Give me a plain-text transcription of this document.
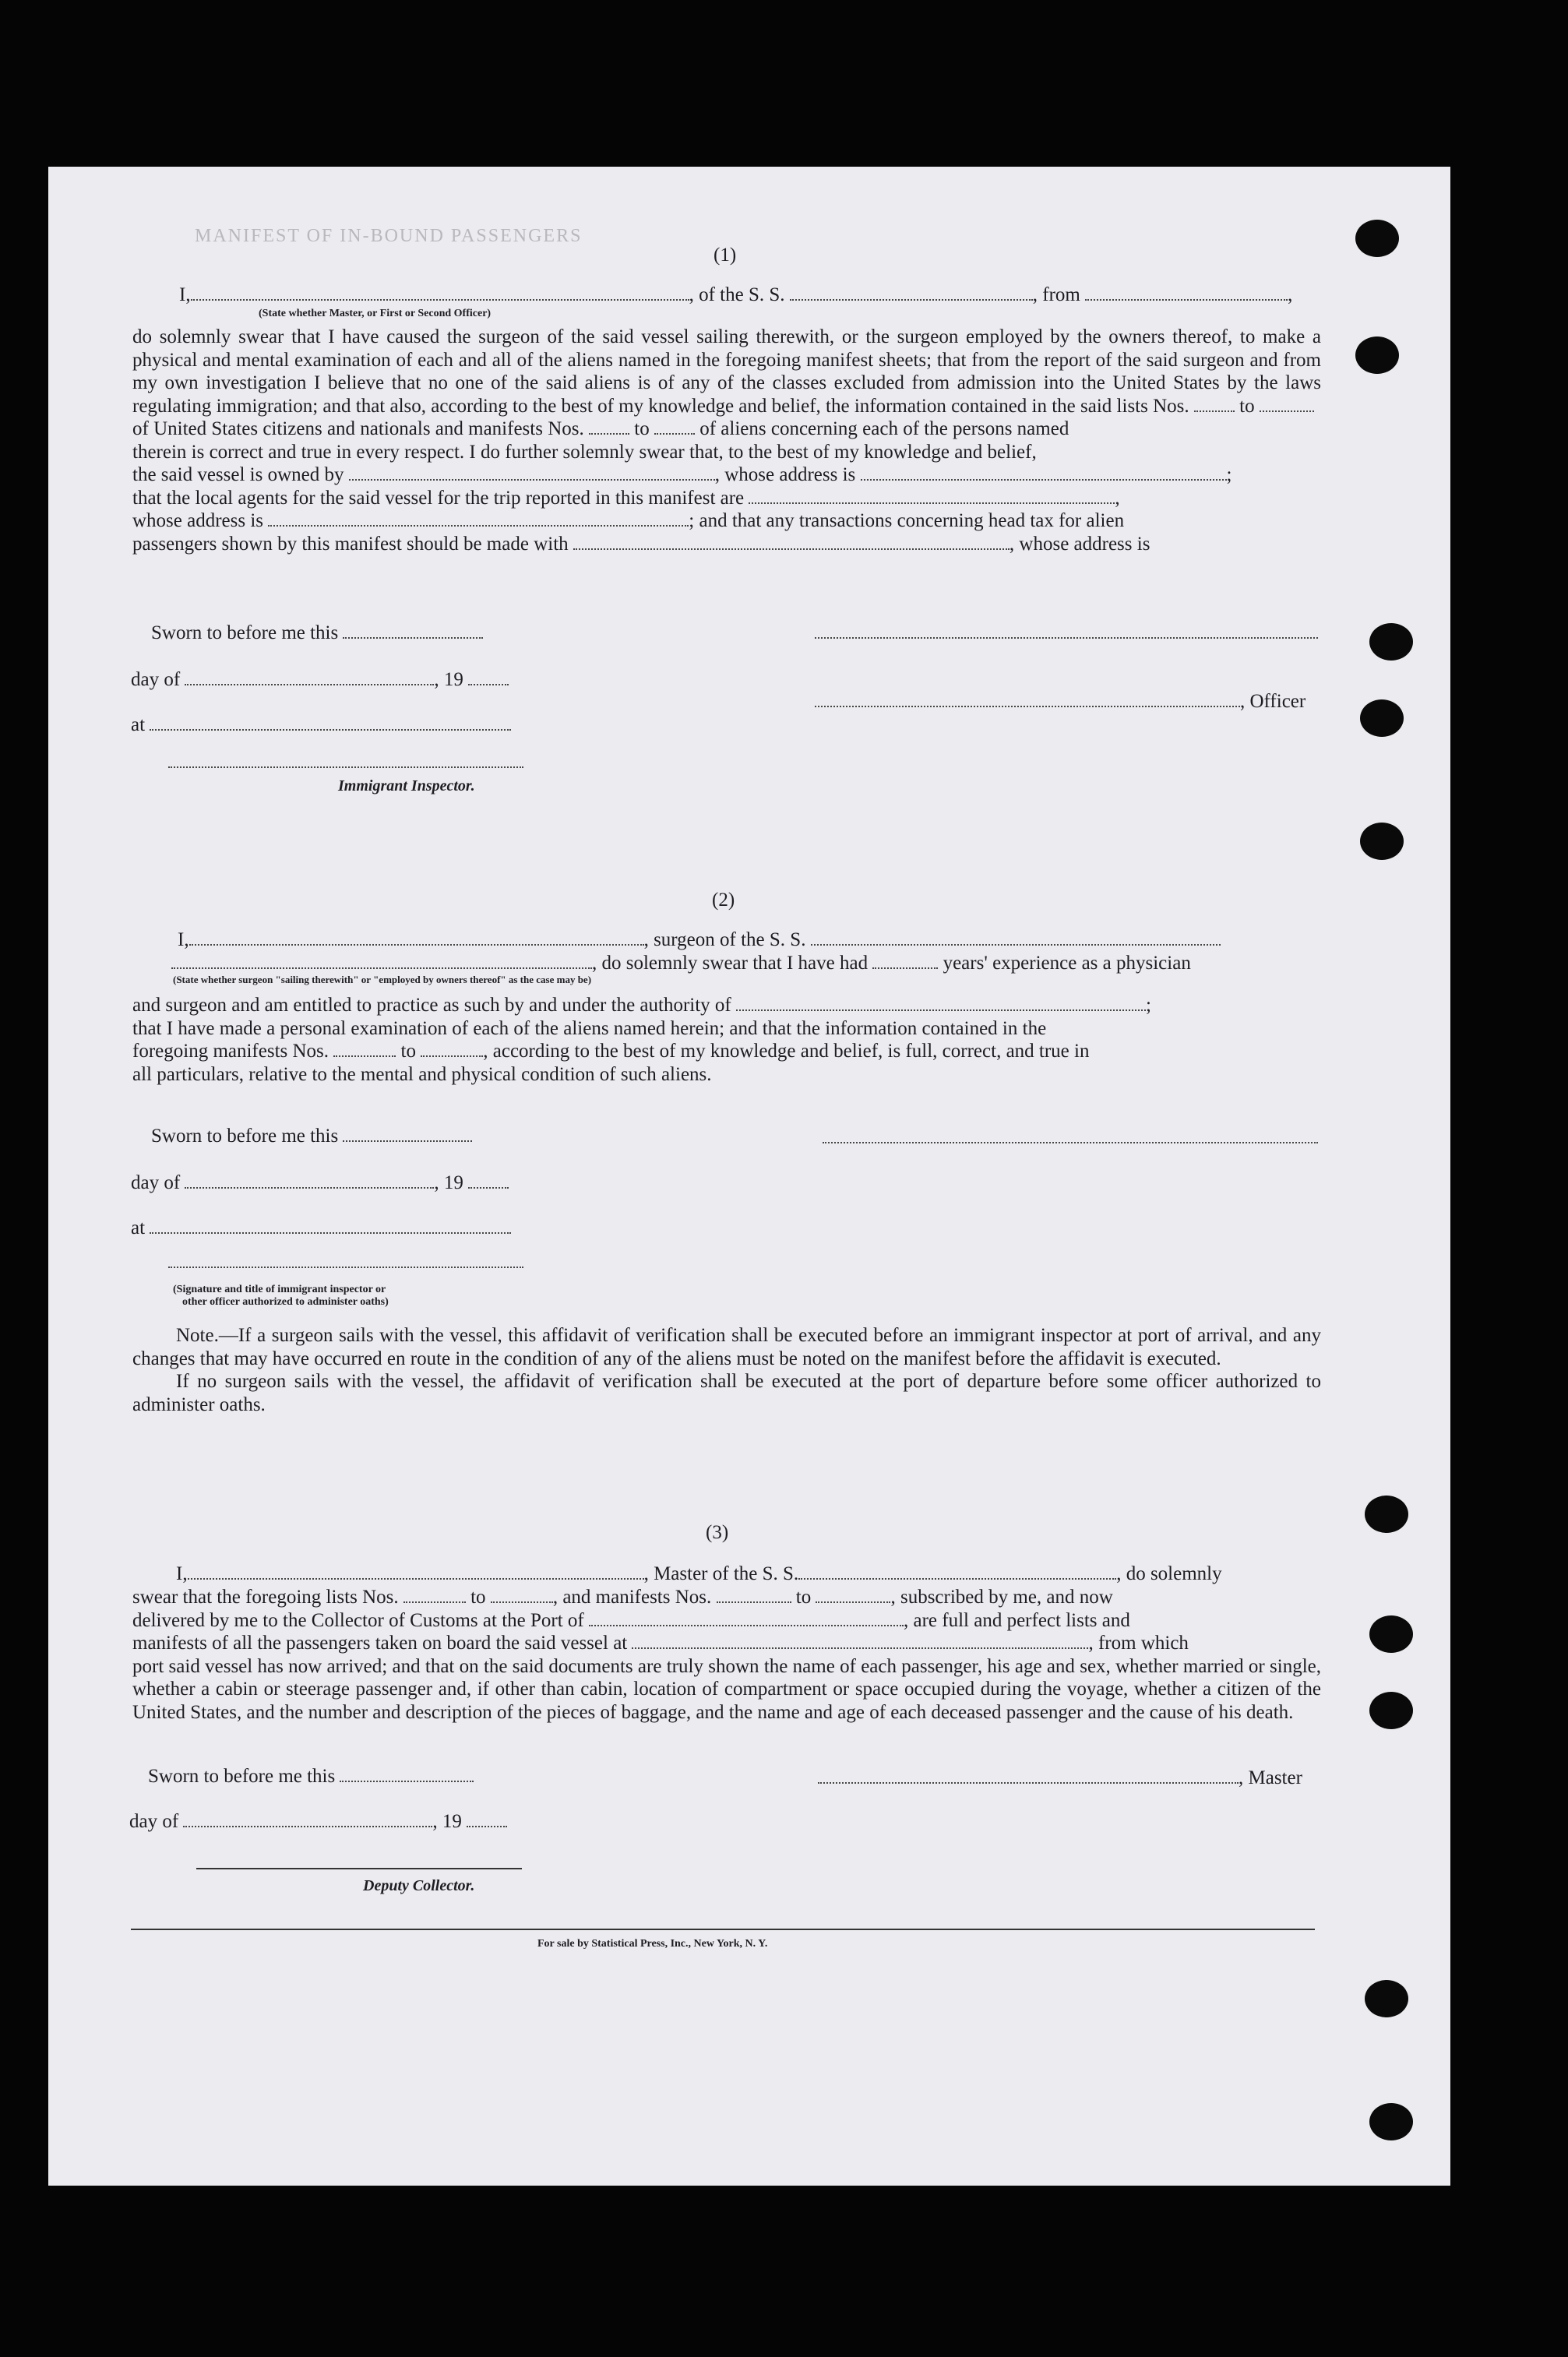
MANIFEST OF IN-BOUND PASSENGERS
(1)
I,	, of the S. S.	, from	,
(State whether Master, or First or Second Officer)
do solemnly swear that I have caused the surgeon of the said vessel sailing therewith, or the surgeon employed by the owners thereof, to make a physical and mental examination of each and all of the aliens named in the foregoing manifest sheets; that from the report of the said surgeon and from my own investigation I believe that no one of the said aliens is of any of the classes excluded from admission into the United States by the laws regulating immigration; and that also, according to the best of my knowledge and belief, the information contained in the said lists Nos.	to
of United States citizens and nationals and manifests Nos.	to	of aliens concerning each of the persons named
therein is correct and true in every respect. I do further solemnly swear that, to the best of my knowledge and belief,
the said vessel is owned by	, whose address is	;
that the local agents for the said vessel for the trip reported in this manifest are	,
whose address is	; and that any transactions concerning head tax for alien
passengers shown by this manifest should be made with	, whose address is
Sworn to before me this
day of	, 19
at
Immigrant Inspector.
, Officer
(2)
I,	, surgeon of the S. S.
, do solemnly swear that I have had	years' experience as a physician
(State whether surgeon "sailing therewith" or "employed by owners thereof" as the case may be)
and surgeon and am entitled to practice as such by and under the authority of	;
that I have made a personal examination of each of the aliens named herein; and that the information contained in the
foregoing manifests Nos.	to	, according to the best of my knowledge and belief, is full, correct, and true in
all particulars, relative to the mental and physical condition of such aliens.
Sworn to before me this
day of	, 19
at
(Signature and title of immigrant inspector or
other officer authorized to administer oaths)
Note.—If a surgeon sails with the vessel, this affidavit of verification shall be executed before an immigrant inspector at port of arrival, and any changes that may have occurred en route in the condition of any of the aliens must be noted on the manifest before the affidavit is executed.
If no surgeon sails with the vessel, the affidavit of verification shall be executed at the port of departure before some officer authorized to administer oaths.
(3)
I,	, Master of the S. S.	, do solemnly
swear that the foregoing lists Nos.	to	, and manifests Nos.	to	, subscribed by me, and now
delivered by me to the Collector of Customs at the Port of	, are full and perfect lists and
manifests of all the passengers taken on board the said vessel at	, from which
port said vessel has now arrived; and that on the said documents are truly shown the name of each passenger, his age and sex, whether married or single, whether a cabin or steerage passenger and, if other than cabin, location of compartment or space occupied during the voyage, whether a citizen of the United States, and the number and description of the pieces of baggage, and the name and age of each deceased passenger and the cause of his death.
Sworn to before me this	, Master
day of	, 19
Deputy Collector.
For sale by Statistical Press, Inc., New York, N. Y.
